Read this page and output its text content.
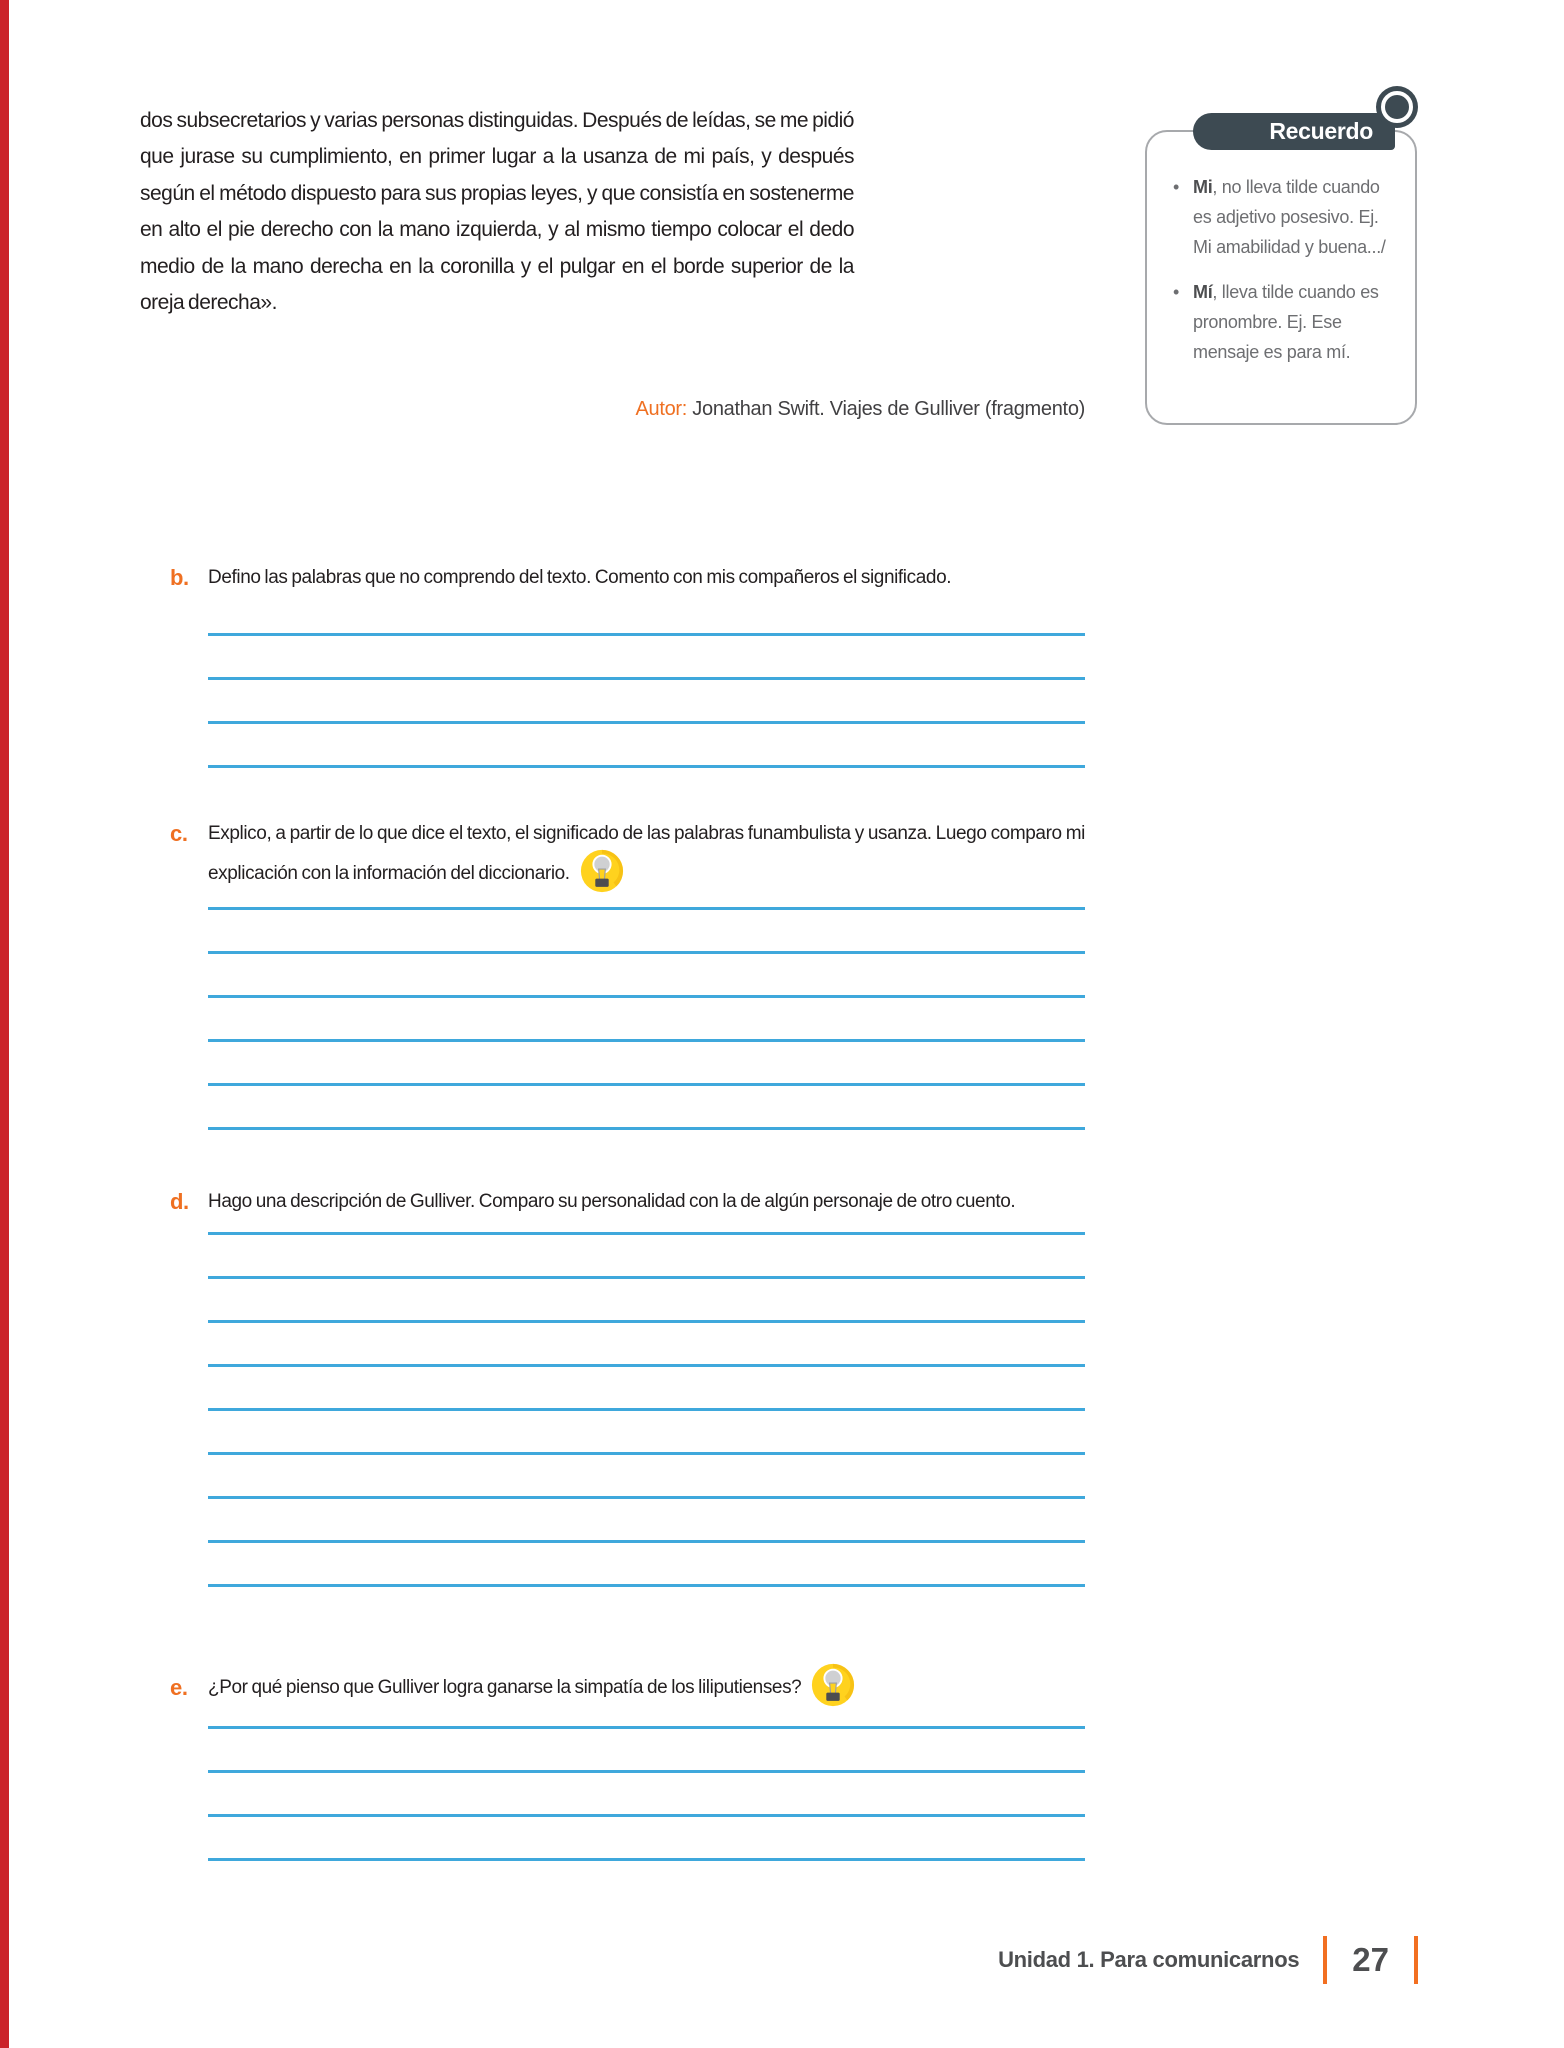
dos subsecretarios y varias personas distinguidas. Después de leídas, se me pidió que jurase su cumplimiento, en primer lugar a la usanza de mi país, y después según el método dispuesto para sus propias leyes, y que consistía en sostenerme en alto el pie derecho con la mano izquierda, y al mismo tiempo colocar el dedo medio de la mano derecha en la coronilla y el pulgar en el borde superior de la oreja derecha».

Autor: Jonathan Swift. Viajes de Gulliver (fragmento)
Recuerdo
• Mi, no lleva tilde cuando es adjetivo posesivo. Ej. Mi amabilidad y buena.../
• Mí, lleva tilde cuando es pronombre. Ej. Ese mensaje es para mí.
b. Defino las palabras que no comprendo del texto. Comento con mis compañeros el significado.
c. Explico, a partir de lo que dice el texto, el significado de las palabras funambulista y usanza. Luego comparo mi explicación con la información del diccionario.
d. Hago una descripción de Gulliver. Comparo su personalidad con la de algún personaje de otro cuento.
e. ¿Por qué pienso que Gulliver logra ganarse la simpatía de los liliputienses?
Unidad 1. Para comunicarnos 27
